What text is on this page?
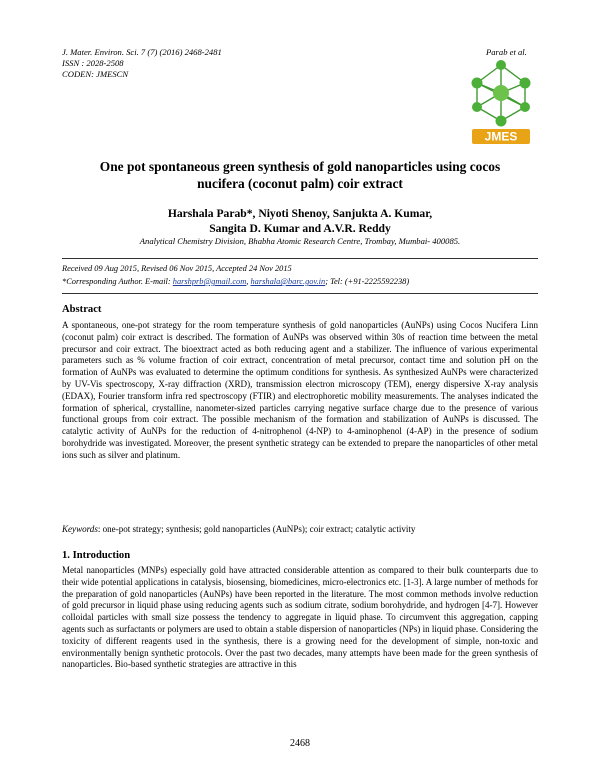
J. Mater. Environ. Sci. 7 (7) (2016) 2468-2481
ISSN : 2028-2508
CODEN: JMESCN
Parab et al.
JMES
One pot spontaneous green synthesis of gold nanoparticles using cocos
nucifera (coconut palm) coir extract
Harshala Parab*, Niyoti Shenoy, Sanjukta A. Kumar,
Sangita D. Kumar and A.V.R. Reddy
Analytical Chemistry Division, Bhabha Atomic Research Centre, Trombay, Mumbai- 400085.
Received 09 Aug 2015, Revised 06 Nov 2015, Accepted 24 Nov 2015
*Corresponding Author. E-mail: harshprb@gmail.com, harshala@barc.gov.in; Tel: (+91-2225592238)
Abstract
A spontaneous, one-pot strategy for the room temperature synthesis of gold nanoparticles (AuNPs) using Cocos Nucifera Linn (coconut palm) coir extract is described. The formation of AuNPs was observed within 30s of reaction time between the metal precursor and coir extract. The bioextract acted as both reducing agent and a stabilizer. The influence of various experimental parameters such as % volume fraction of coir extract, concentration of metal precursor, contact time and solution pH on the formation of AuNPs was evaluated to determine the optimum conditions for synthesis. As synthesized AuNPs were characterized by UV-Vis spectroscopy, X-ray diffraction (XRD), transmission electron microscopy (TEM), energy dispersive X-ray analysis (EDAX), Fourier transform infra red spectroscopy (FTIR) and electrophoretic mobility measurements. The analyses indicated the formation of spherical, crystalline, nanometer-sized particles carrying negative surface charge due to the presence of various functional groups from coir extract. The possible mechanism of the formation and stabilization of AuNPs is discussed. The catalytic activity of AuNPs for the reduction of 4-nitrophenol (4-NP) to 4-aminophenol (4-AP) in the presence of sodium borohydride was investigated. Moreover, the present synthetic strategy can be extended to prepare the nanoparticles of other metal ions such as silver and platinum.
Keywords: one-pot strategy; synthesis; gold nanoparticles (AuNPs); coir extract; catalytic activity
1. Introduction
Metal nanoparticles (MNPs) especially gold have attracted considerable attention as compared to their bulk counterparts due to their wide potential applications in catalysis, biosensing, biomedicines, micro-electronics etc. [1-3]. A large number of methods for the preparation of gold nanoparticles (AuNPs) have been reported in the literature. The most common methods involve reduction of gold precursor in liquid phase using reducing agents such as sodium citrate, sodium borohydride, and hydrogen [4-7]. However colloidal particles with small size possess the tendency to aggregate in liquid phase. To circumvent this aggregation, capping agents such as surfactants or polymers are used to obtain a stable dispersion of nanoparticles (NPs) in liquid phase. Considering the toxicity of different reagents used in the synthesis, there is a growing need for the development of simple, non-toxic and environmentally benign synthetic protocols. Over the past two decades, many attempts have been made for the green synthesis of nanoparticles. Bio-based synthetic strategies are attractive in this
2468
